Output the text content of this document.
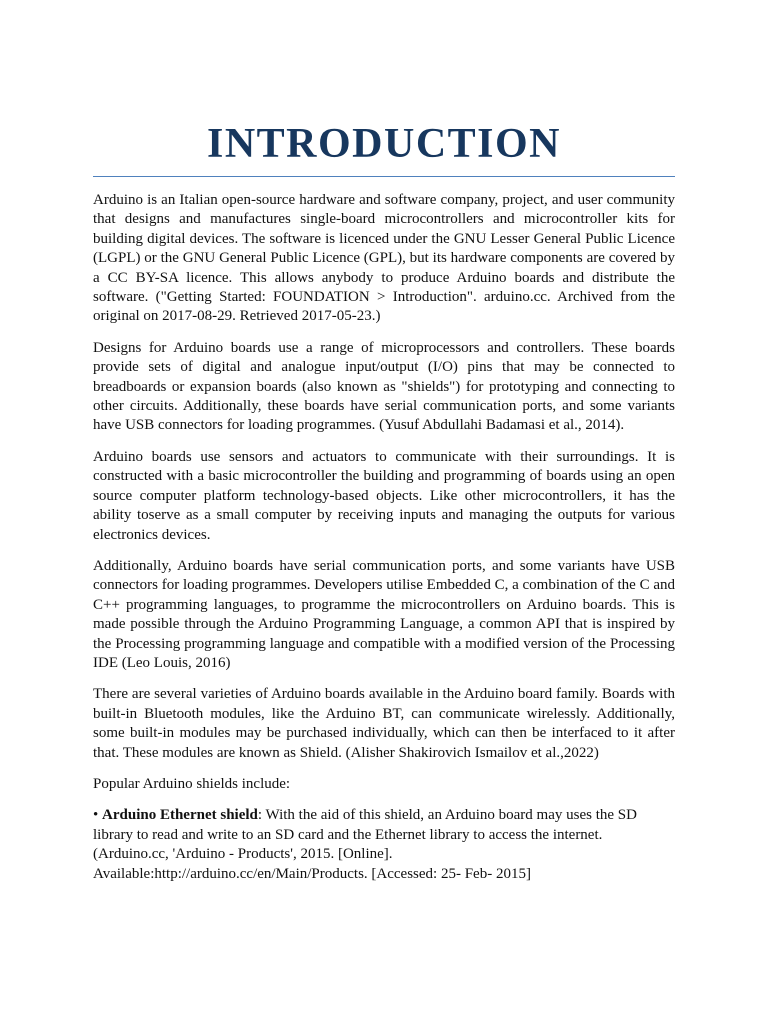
INTRODUCTION

Arduino is an Italian open-source hardware and software company, project, and user community that designs and manufactures single-board microcontrollers and microcontroller kits for building digital devices. The software is licenced under the GNU Lesser General Public Licence (LGPL) or the GNU General Public Licence (GPL), but its hardware components are covered by a CC BY-SA licence. This allows anybody to produce Arduino boards and distribute the software. ("Getting Started: FOUNDATION > Introduction". arduino.cc. Archived from the original on 2017-08-29. Retrieved 2017-05-23.)

Designs for Arduino boards use a range of microprocessors and controllers. These boards provide sets of digital and analogue input/output (I/O) pins that may be connected to breadboards or expansion boards (also known as "shields") for prototyping and connecting to other circuits. Additionally, these boards have serial communication ports, and some variants have USB connectors for loading programmes. (Yusuf Abdullahi Badamasi et al., 2014).

Arduino boards use sensors and actuators to communicate with their surroundings. It is constructed with a basic microcontroller the building and programming of boards using an open source computer platform technology-based objects. Like other microcontrollers, it has the ability toserve as a small computer by receiving inputs and managing the outputs for various electronics devices.

Additionally, Arduino boards have serial communication ports, and some variants have USB connectors for loading programmes. Developers utilise Embedded C, a combination of the C and C++ programming languages, to programme the microcontrollers on Arduino boards. This is made possible through the Arduino Programming Language, a common API that is inspired by the Processing programming language and compatible with a modified version of the Processing IDE (Leo Louis, 2016)

There are several varieties of Arduino boards available in the Arduino board family. Boards with built-in Bluetooth modules, like the Arduino BT, can communicate wirelessly. Additionally, some built-in modules may be purchased individually, which can then be interfaced to it after that. These modules are known as Shield. (Alisher Shakirovich Ismailov et al.,2022)

Popular Arduino shields include:

• Arduino Ethernet shield: With the aid of this shield, an Arduino board may uses the SD library to read and write to an SD card and the Ethernet library to access the internet.
(Arduino.cc, 'Arduino - Products', 2015. [Online].
Available:http://arduino.cc/en/Main/Products. [Accessed: 25- Feb- 2015]
